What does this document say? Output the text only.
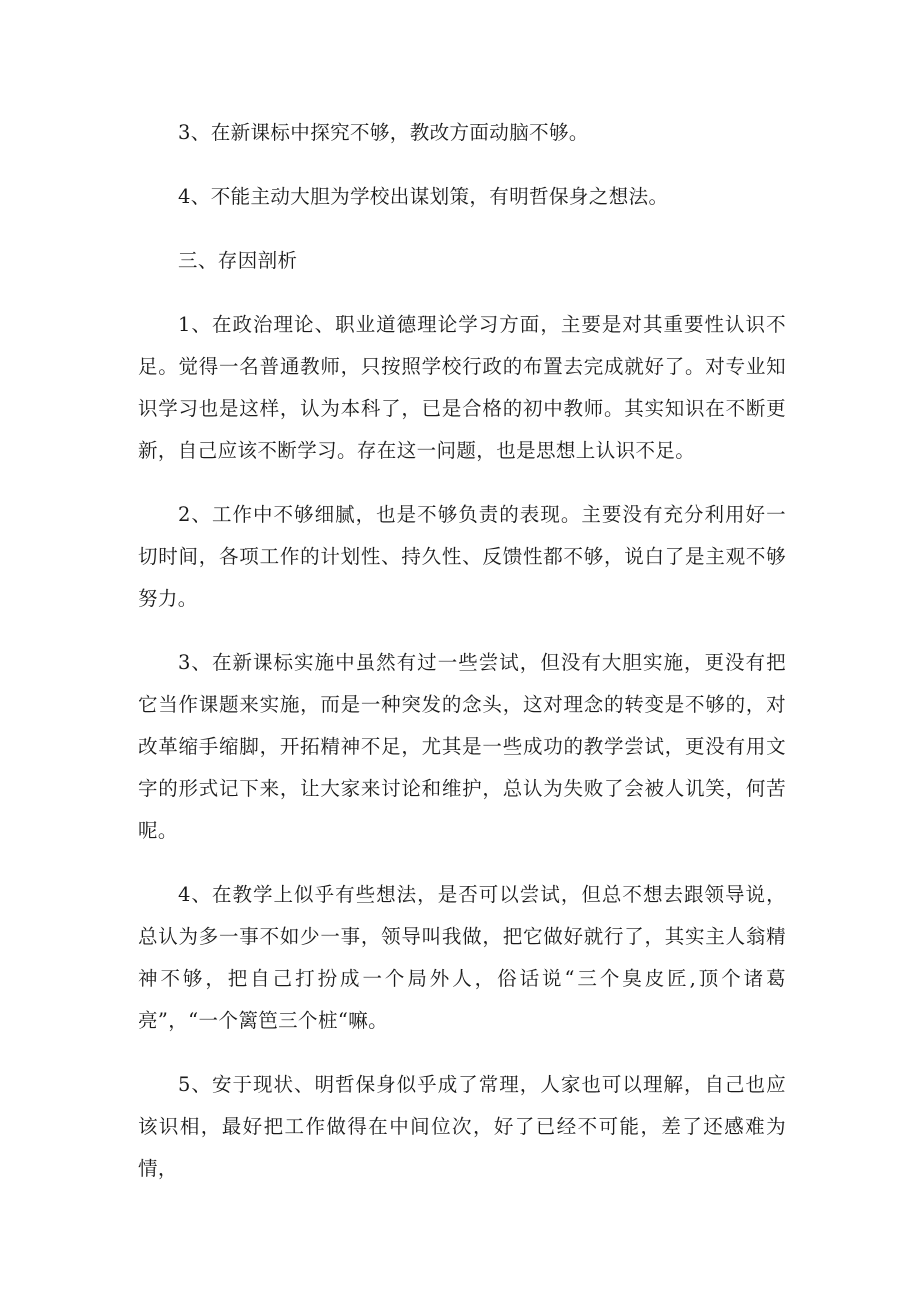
3、在新课标中探究不够，教改方面动脑不够。

4、不能主动大胆为学校出谋划策，有明哲保身之想法。

三、存因剖析

1、在政治理论、职业道德理论学习方面，主要是对其重要性认识不足。觉得一名普通教师，只按照学校行政的布置去完成就好了。对专业知识学习也是这样，认为本科了，已是合格的初中教师。其实知识在不断更新，自己应该不断学习。存在这一问题，也是思想上认识不足。

2、工作中不够细腻，也是不够负责的表现。主要没有充分利用好一切时间，各项工作的计划性、持久性、反馈性都不够，说白了是主观不够努力。

3、在新课标实施中虽然有过一些尝试，但没有大胆实施，更没有把它当作课题来实施，而是一种突发的念头，这对理念的转变是不够的，对改革缩手缩脚，开拓精神不足，尤其是一些成功的教学尝试，更没有用文字的形式记下来，让大家来讨论和维护，总认为失败了会被人讥笑，何苦呢。

4、在教学上似乎有些想法，是否可以尝试，但总不想去跟领导说，总认为多一事不如少一事，领导叫我做，把它做好就行了，其实主人翁精神不够，把自己打扮成一个局外人，俗话说“三个臭皮匠,顶个诸葛亮”，“一个篱笆三个桩“嘛。

5、安于现状、明哲保身似乎成了常理，人家也可以理解，自己也应该识相，最好把工作做得在中间位次，好了已经不可能，差了还感难为情，
